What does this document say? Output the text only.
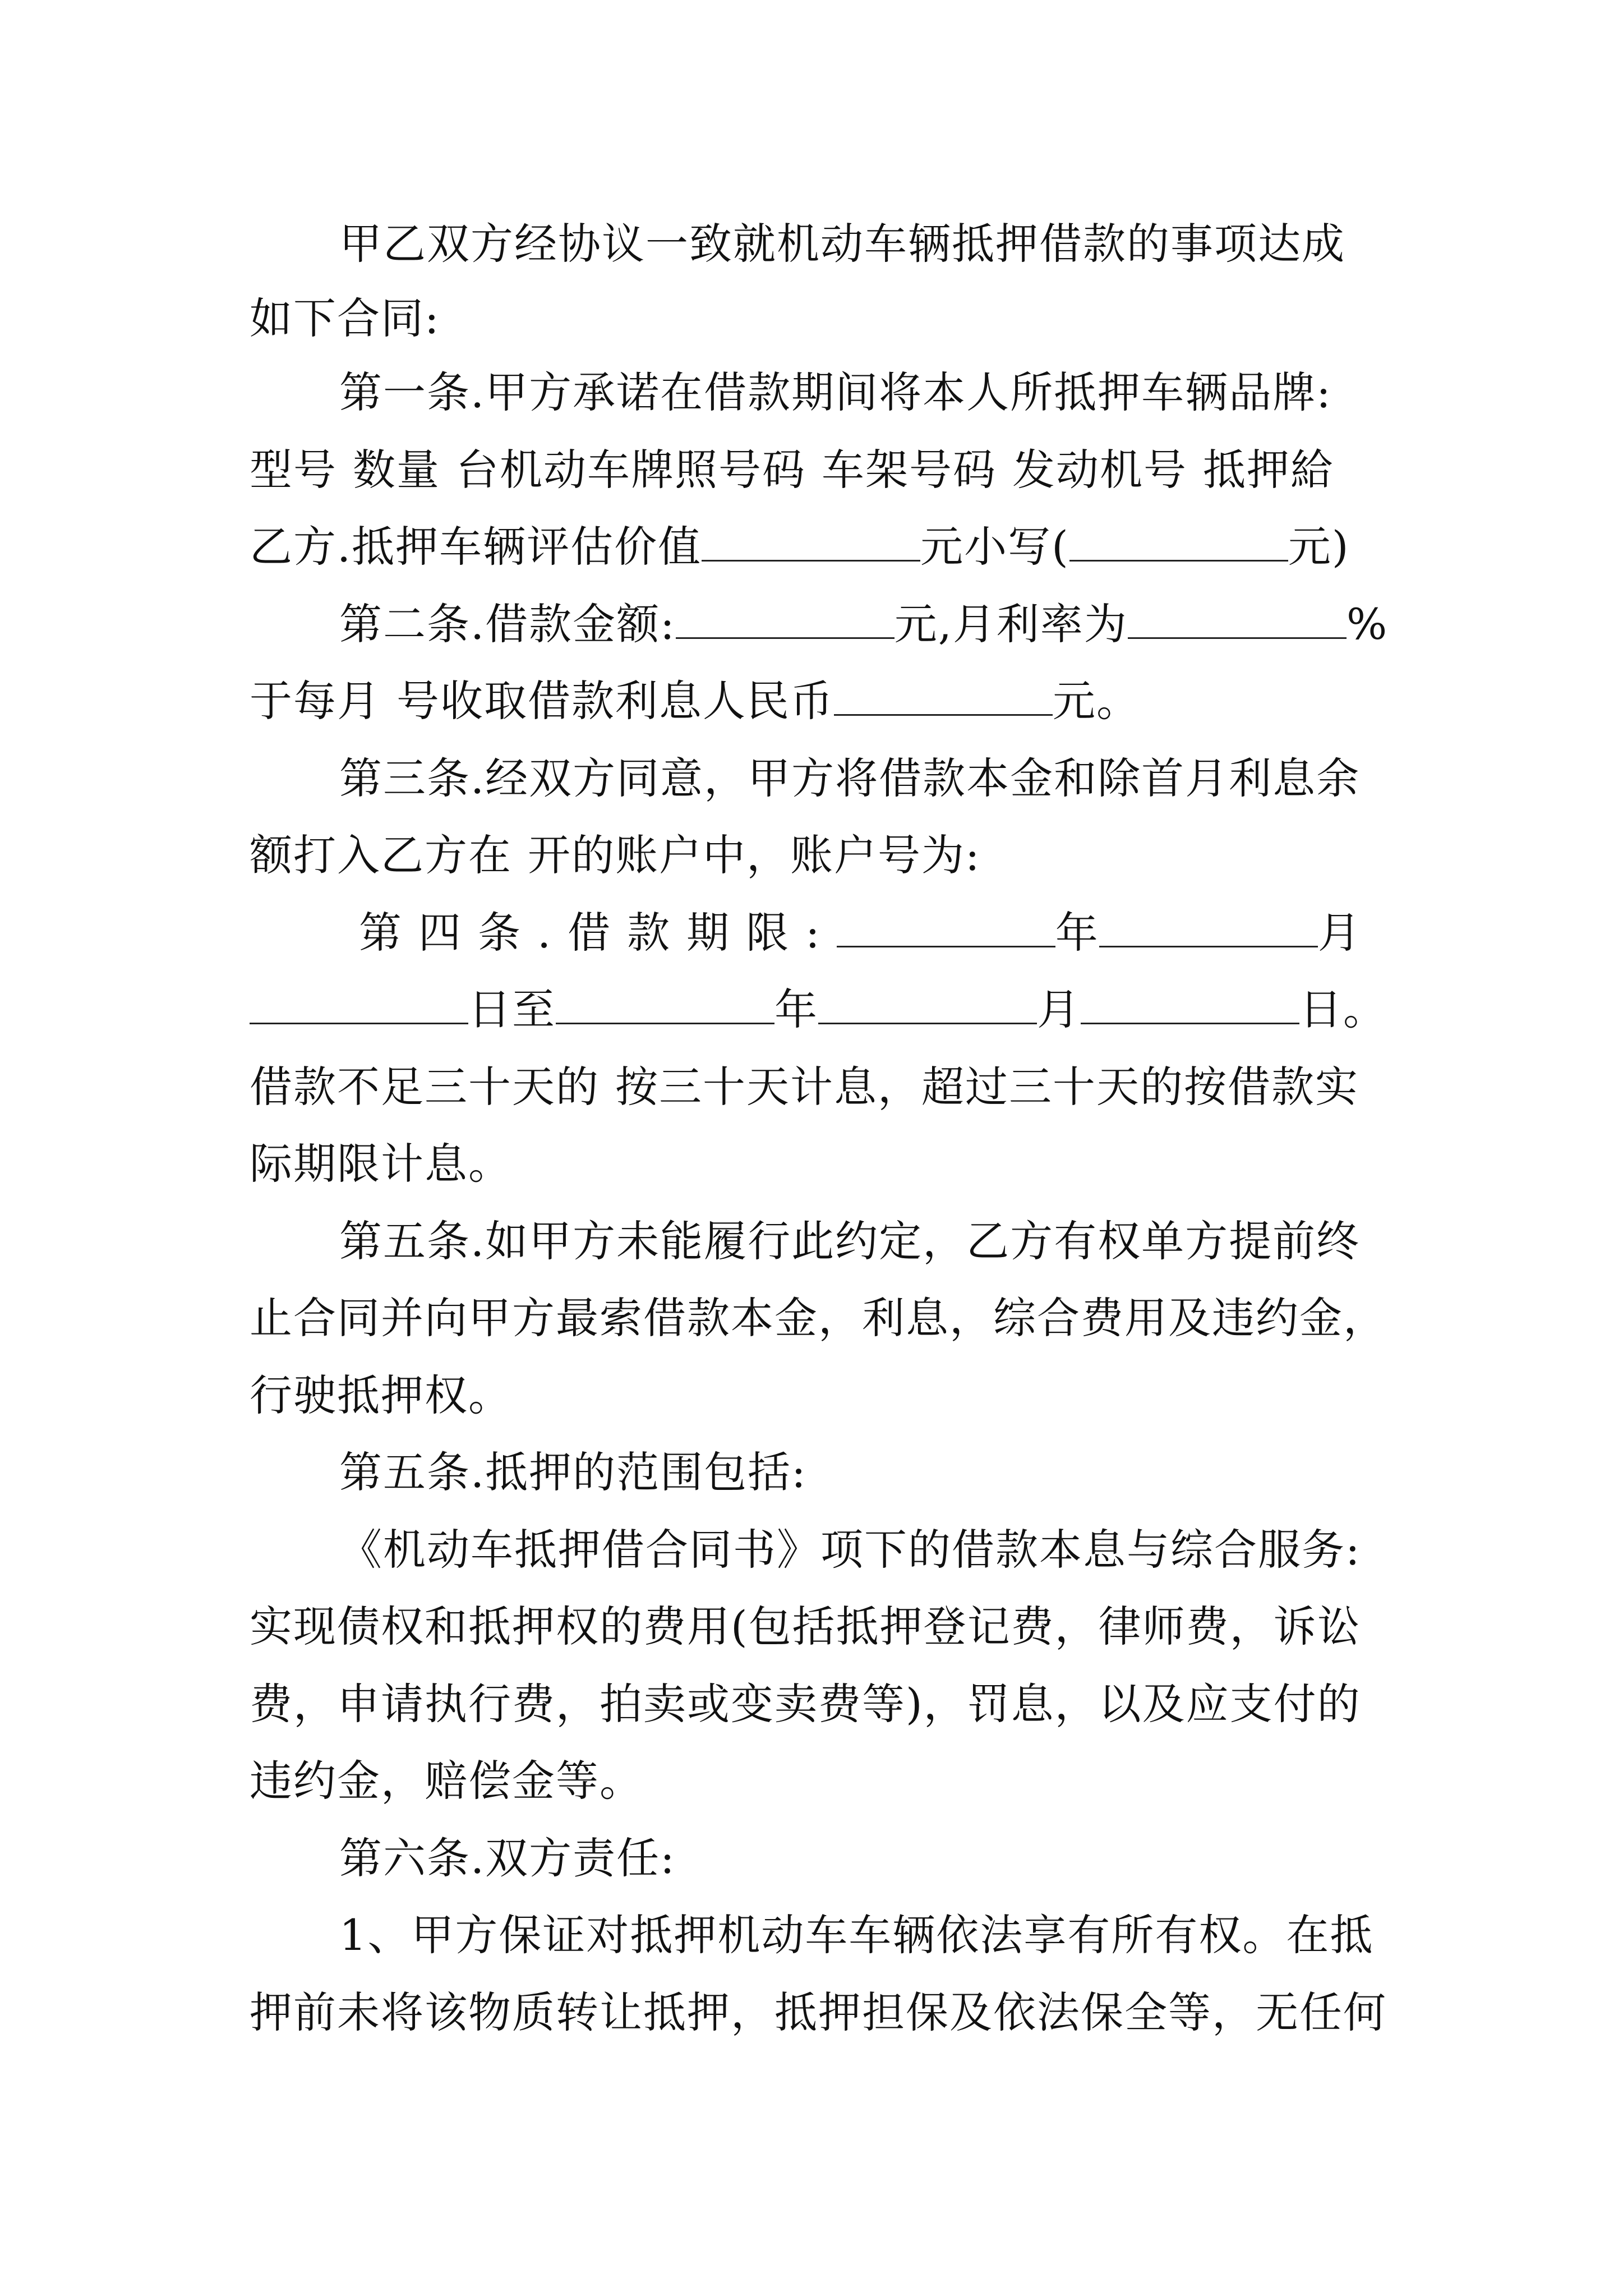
甲乙双方经协议一致就机动车辆抵押借款的事项达成
如下合同:
第一条.甲方承诺在借款期间将本人所抵押车辆品牌:
型号 数量 台机动车牌照号码 车架号码 发动机号 抵押給
乙方.抵押车辆评估价值	元小写(	元)
第二条.借款金额:	元,月利率为	%
于每月 号收取借款利息人民币	元。
第三条.经双方同意，甲方将借款本金和除首月利息余
额打入乙方在 开的账户中，账户号为:
第四条.借款期限:	年	月
日至	年	月	日。
借款不足三十天的 按三十天计息，超过三十天的按借款实
际期限计息。
第五条.如甲方未能履行此约定，乙方有权单方提前终
止合同并向甲方最索借款本金，利息，综合费用及违约金，
行驶抵押权。
第五条.抵押的范围包括:
《机动车抵押借合同书》项下的借款本息与综合服务:
实现债权和抵押权的费用(包括抵押登记费，律师费，诉讼
费，申请执行费，拍卖或变卖费等)，罚息，以及应支付的
违约金，赔偿金等。
第六条.双方责任:
1、甲方保证对抵押机动车车辆依法享有所有权。在抵
押前未将该物质转让抵押，抵押担保及依法保全等，无任何
